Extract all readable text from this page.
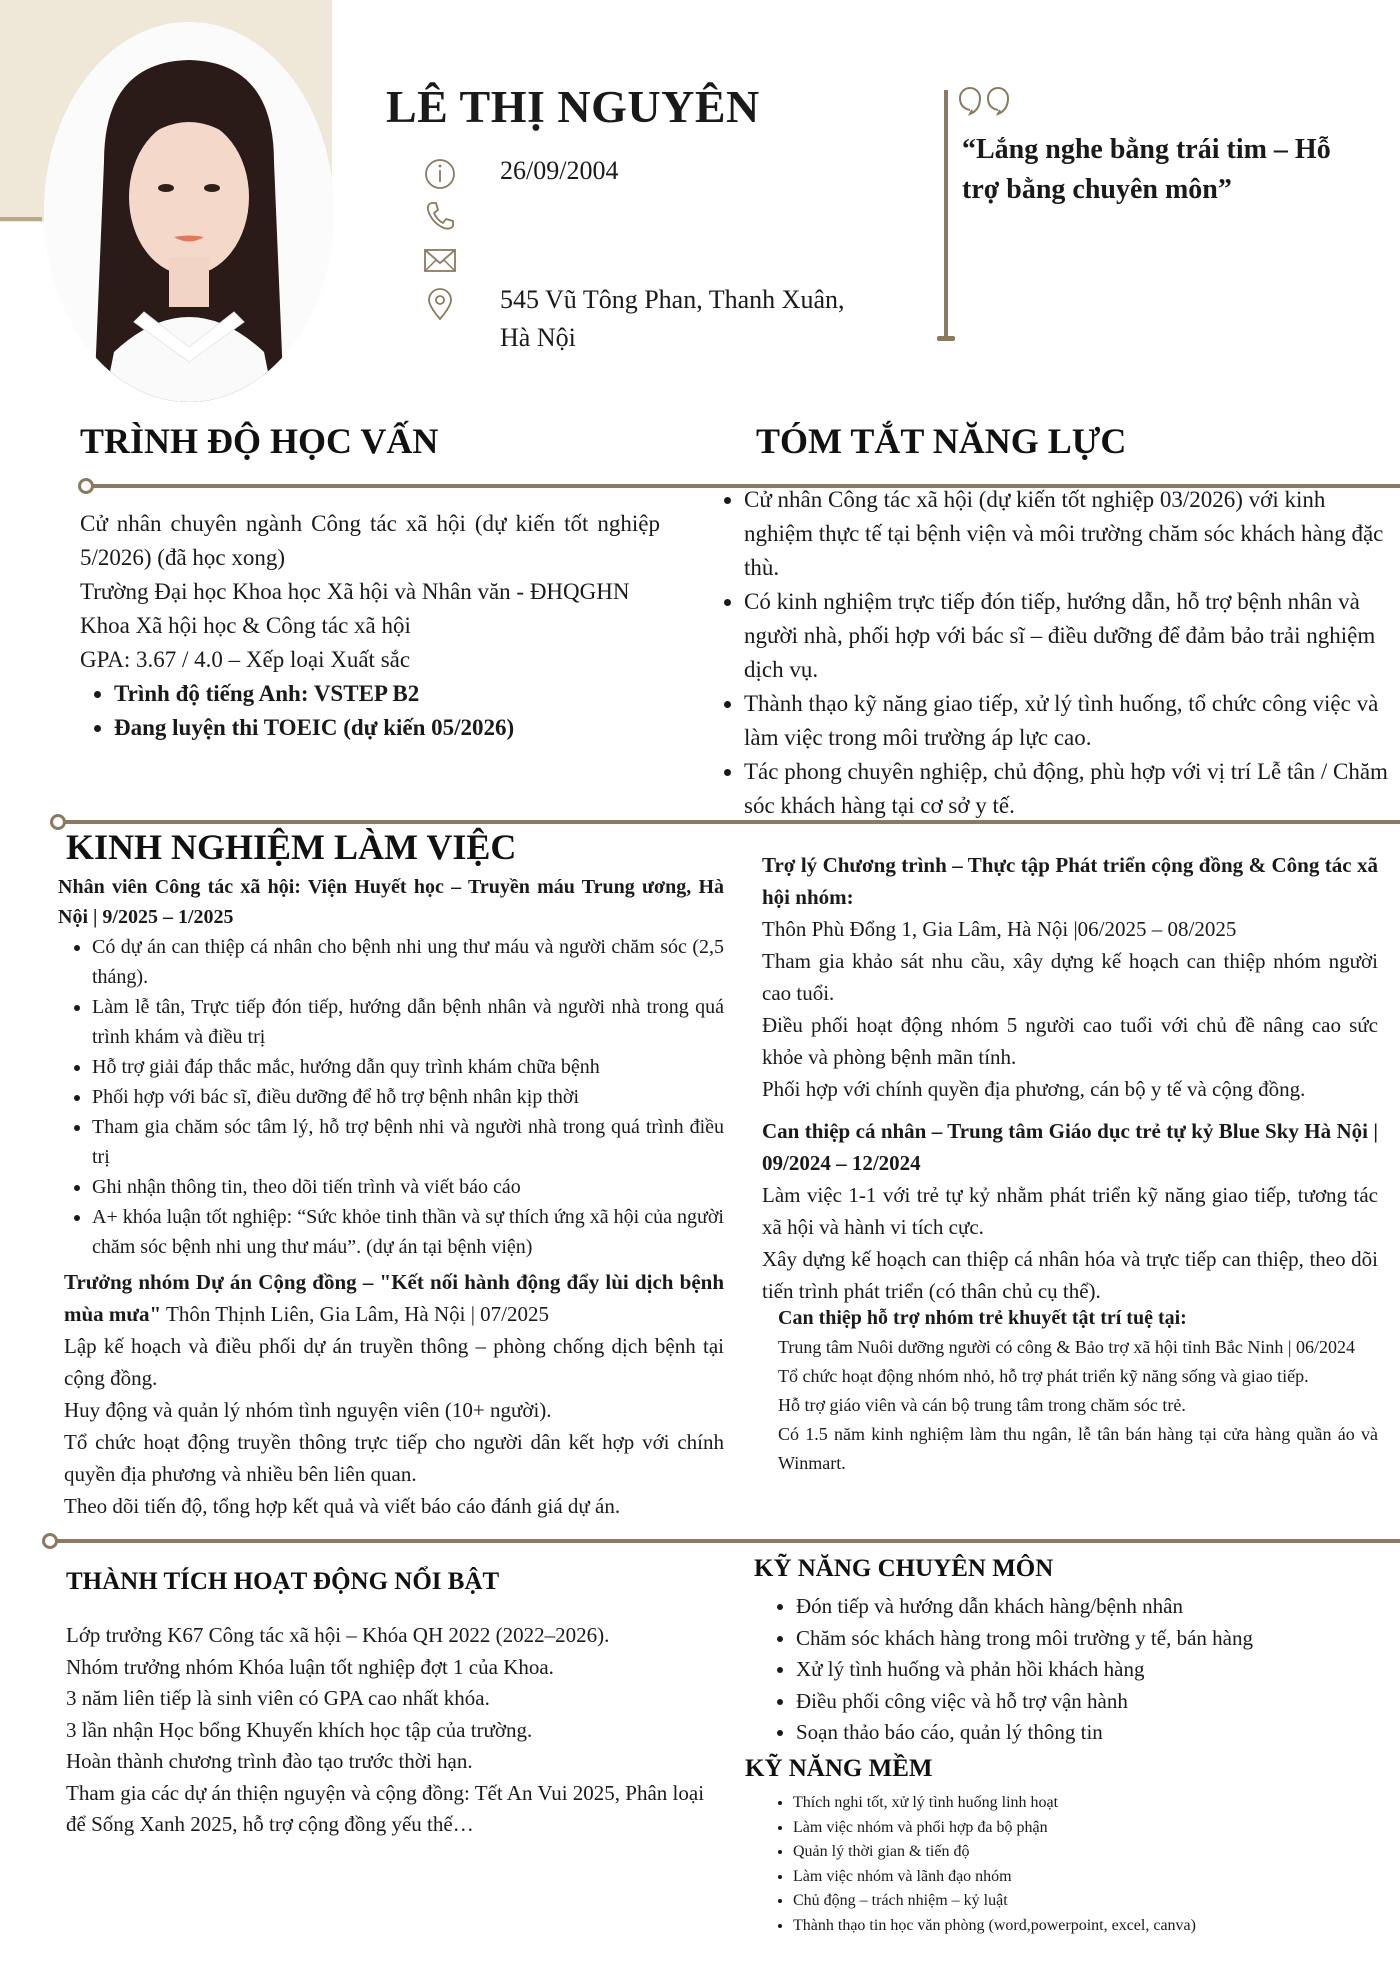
LÊ THỊ NGUYÊN
26/09/2004
545 Vũ Tông Phan, Thanh Xuân,
Hà Nội
“Lắng nghe bằng trái tim – Hỗ
trợ bằng chuyên môn”
TRÌNH ĐỘ HỌC VẤN
Cử nhân chuyên ngành Công tác xã hội (dự kiến tốt nghiệp 5/2026) (đã học xong)
Trường Đại học Khoa học Xã hội và Nhân văn - ĐHQGHN
Khoa Xã hội học & Công tác xã hội
GPA: 3.67 / 4.0 – Xếp loại Xuất sắc
• Trình độ tiếng Anh: VSTEP B2
• Đang luyện thi TOEIC (dự kiến 05/2026)
TÓM TẮT NĂNG LỰC
• Cử nhân Công tác xã hội (dự kiến tốt nghiệp 03/2026) với kinh nghiệm thực tế tại bệnh viện và môi trường chăm sóc khách hàng đặc thù.
• Có kinh nghiệm trực tiếp đón tiếp, hướng dẫn, hỗ trợ bệnh nhân và người nhà, phối hợp với bác sĩ – điều dưỡng để đảm bảo trải nghiệm dịch vụ.
• Thành thạo kỹ năng giao tiếp, xử lý tình huống, tổ chức công việc và làm việc trong môi trường áp lực cao.
• Tác phong chuyên nghiệp, chủ động, phù hợp với vị trí Lễ tân / Chăm sóc khách hàng tại cơ sở y tế.
KINH NGHIỆM LÀM VIỆC
Nhân viên Công tác xã hội: Viện Huyết học – Truyền máu Trung ương, Hà Nội | 9/2025 – 1/2025
• Có dự án can thiệp cá nhân cho bệnh nhi ung thư máu và người chăm sóc (2,5 tháng).
• Làm lễ tân, Trực tiếp đón tiếp, hướng dẫn bệnh nhân và người nhà trong quá trình khám và điều trị
• Hỗ trợ giải đáp thắc mắc, hướng dẫn quy trình khám chữa bệnh
• Phối hợp với bác sĩ, điều dưỡng để hỗ trợ bệnh nhân kịp thời
• Tham gia chăm sóc tâm lý, hỗ trợ bệnh nhi và người nhà trong quá trình điều trị
• Ghi nhận thông tin, theo dõi tiến trình và viết báo cáo
• A+ khóa luận tốt nghiệp: “Sức khỏe tinh thần và sự thích ứng xã hội của người chăm sóc bệnh nhi ung thư máu”. (dự án tại bệnh viện)
Trưởng nhóm Dự án Cộng đồng – "Kết nối hành động đẩy lùi dịch bệnh mùa mưa" Thôn Thịnh Liên, Gia Lâm, Hà Nội | 07/2025
Lập kế hoạch và điều phối dự án truyền thông – phòng chống dịch bệnh tại cộng đồng.
Huy động và quản lý nhóm tình nguyện viên (10+ người).
Tổ chức hoạt động truyền thông trực tiếp cho người dân kết hợp với chính quyền địa phương và nhiều bên liên quan.
Theo dõi tiến độ, tổng hợp kết quả và viết báo cáo đánh giá dự án.
Trợ lý Chương trình – Thực tập Phát triển cộng đồng & Công tác xã hội nhóm:
Thôn Phù Đổng 1, Gia Lâm, Hà Nội |06/2025 – 08/2025
Tham gia khảo sát nhu cầu, xây dựng kế hoạch can thiệp nhóm người cao tuổi.
Điều phối hoạt động nhóm 5 người cao tuổi với chủ đề nâng cao sức khỏe và phòng bệnh mãn tính.
Phối hợp với chính quyền địa phương, cán bộ y tế và cộng đồng.
Can thiệp cá nhân – Trung tâm Giáo dục trẻ tự kỷ Blue Sky Hà Nội | 09/2024 – 12/2024
Làm việc 1-1 với trẻ tự kỷ nhằm phát triển kỹ năng giao tiếp, tương tác xã hội và hành vi tích cực.
Xây dựng kế hoạch can thiệp cá nhân hóa và trực tiếp can thiệp, theo dõi tiến trình phát triển (có thân chủ cụ thể).
Can thiệp hỗ trợ nhóm trẻ khuyết tật trí tuệ tại:
Trung tâm Nuôi dưỡng người có công & Bảo trợ xã hội tỉnh Bắc Ninh | 06/2024
Tổ chức hoạt động nhóm nhỏ, hỗ trợ phát triển kỹ năng sống và giao tiếp.
Hỗ trợ giáo viên và cán bộ trung tâm trong chăm sóc trẻ.
Có 1.5 năm kinh nghiệm làm thu ngân, lễ tân bán hàng tại cửa hàng quần áo và Winmart.
THÀNH TÍCH HOẠT ĐỘNG NỔI BẬT
Lớp trưởng K67 Công tác xã hội – Khóa QH 2022 (2022–2026).
Nhóm trưởng nhóm Khóa luận tốt nghiệp đợt 1 của Khoa.
3 năm liên tiếp là sinh viên có GPA cao nhất khóa.
3 lần nhận Học bổng Khuyến khích học tập của trường.
Hoàn thành chương trình đào tạo trước thời hạn.
Tham gia các dự án thiện nguyện và cộng đồng: Tết An Vui 2025, Phân loại để Sống Xanh 2025, hỗ trợ cộng đồng yếu thế…
KỸ NĂNG CHUYÊN MÔN
• Đón tiếp và hướng dẫn khách hàng/bệnh nhân
• Chăm sóc khách hàng trong môi trường y tế, bán hàng
• Xử lý tình huống và phản hồi khách hàng
• Điều phối công việc và hỗ trợ vận hành
• Soạn thảo báo cáo, quản lý thông tin
KỸ NĂNG MỀM
• Thích nghi tốt, xử lý tình huống linh hoạt
• Làm việc nhóm và phối hợp đa bộ phận
• Quản lý thời gian & tiến độ
• Làm việc nhóm và lãnh đạo nhóm
• Chủ động – trách nhiệm – kỷ luật
• Thành thạo tin học văn phòng (word,powerpoint, excel, canva)
